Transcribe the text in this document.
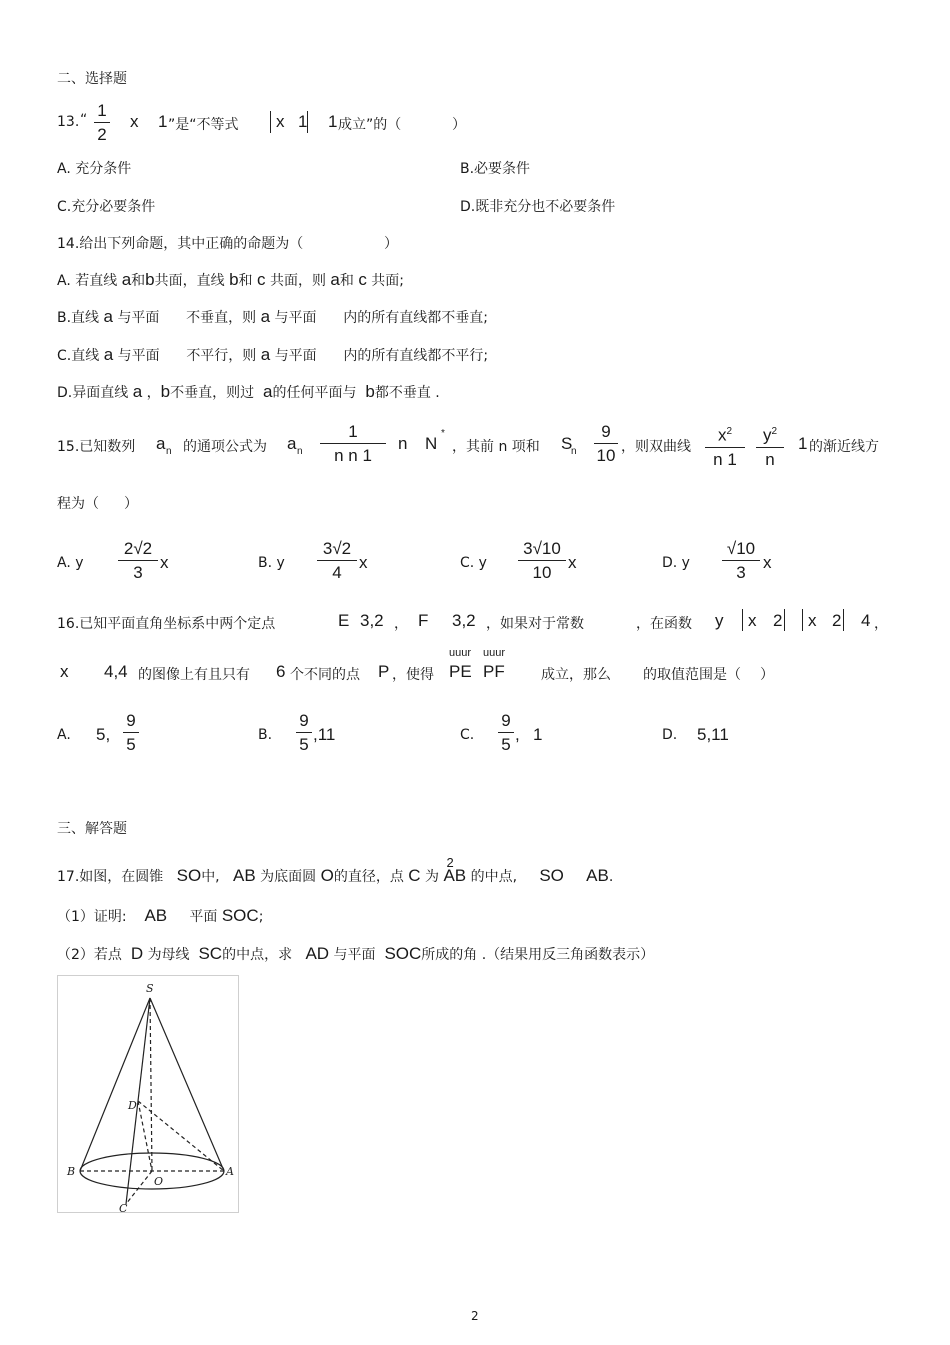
二、选择题
13. “ 1
2
x 1 ”是“不等式 x 1 1 成立”的（	）
A. 充分条件	B.必要条件
C.充分必要条件	D.既非充分也不必要条件
14.给出下列命题，其中正确的命题为（	）
A. 若直线 a和b共面，直线 b和 c 共面，则 a和 c 共面;
B.直线 a 与平面 不垂直，则 a 与平面 内的所有直线都不垂直;
C.直线 a 与平面 不平行，则 a 与平面 内的所有直线都不平行;
D.异面直线 a ，b不垂直，则过 a的任何平面与 b都不垂直 .
15.已知数列 a n 的通项公式为 a n
1
n n 1
n N
*
，其前 n 项和 S
n
9
10 ，则双曲线
$x^2$
n 1
$y^2$
n
1 的渐近线方
程为（ ）
A. y
2√2
3
x	B. y
3√2
4
x	C. y
3√10
10
x	D. y
√10
3
x
16.已知平面直角坐标系中两个定点	E 3,2 ， F 3,2 ，如果对于常数	，在函数 y x 2 x 2 4 ，
x 4,4 的图像上有且只有 6 个不同的点 P ，使得
uuur uuur
PE PF	成立，那么 的取值范围是（ ）
A. 5,
9
5	B.
9
5
,11	C.
9
5
, 1	D. 5,11
三、解答题
17.如图，在圆锥 SO中, AB 为底面圆 O的直径，点 C 为
2
AB 的中点, SO AB.
（1）证明: AB 平面 SOC;
（2）若点 D 为母线 SC的中点，求 AD 与平面 SOC所成的角 .（结果用反三角函数表示）
S
D
B
O
A
C
2
